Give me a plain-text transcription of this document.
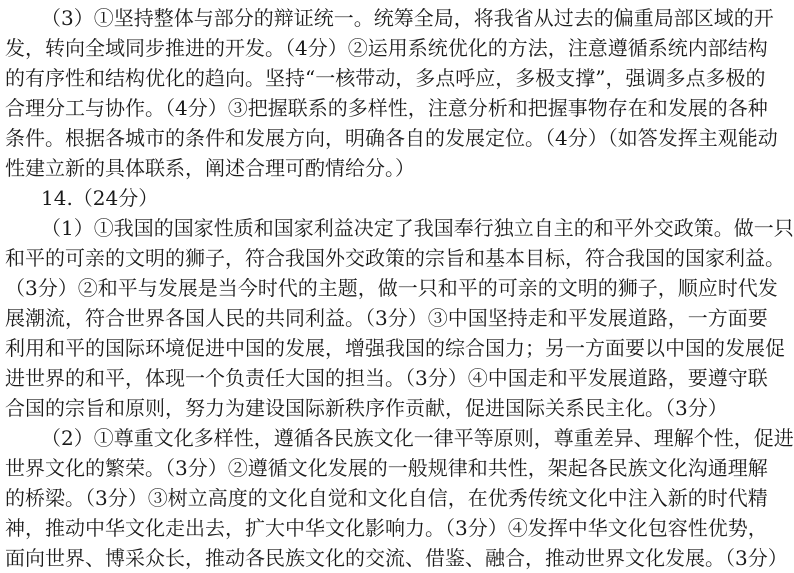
（3）①坚持整体与部分的辩证统一。统筹全局，将我省从过去的偏重局部区域的开
发，转向全域同步推进的开发。（4分）②运用系统优化的方法，注意遵循系统内部结构
的有序性和结构优化的趋向。坚持“一核带动，多点呼应，多极支撑”，强调多点多极的
合理分工与协作。（4分）③把握联系的多样性，注意分析和把握事物存在和发展的各种
条件。根据各城市的条件和发展方向，明确各自的发展定位。（4分）（如答发挥主观能动
性建立新的具体联系，阐述合理可酌情给分。）
14.（24分）
（1）①我国的国家性质和国家利益决定了我国奉行独立自主的和平外交政策。做一只
和平的可亲的文明的狮子，符合我国外交政策的宗旨和基本目标，符合我国的国家利益。
（3分）②和平与发展是当今时代的主题，做一只和平的可亲的文明的狮子，顺应时代发
展潮流，符合世界各国人民的共同利益。（3分）③中国坚持走和平发展道路，一方面要
利用和平的国际环境促进中国的发展，增强我国的综合国力；另一方面要以中国的发展促
进世界的和平，体现一个负责任大国的担当。（3分）④中国走和平发展道路，要遵守联
合国的宗旨和原则，努力为建设国际新秩序作贡献，促进国际关系民主化。（3分）
（2）①尊重文化多样性，遵循各民族文化一律平等原则，尊重差异、理解个性，促进
世界文化的繁荣。（3分）②遵循文化发展的一般规律和共性，架起各民族文化沟通理解
的桥梁。（3分）③树立高度的文化自觉和文化自信，在优秀传统文化中注入新的时代精
神，推动中华文化走出去，扩大中华文化影响力。（3分）④发挥中华文化包容性优势，
面向世界、博采众长，推动各民族文化的交流、借鉴、融合，推动世界文化发展。（3分）
